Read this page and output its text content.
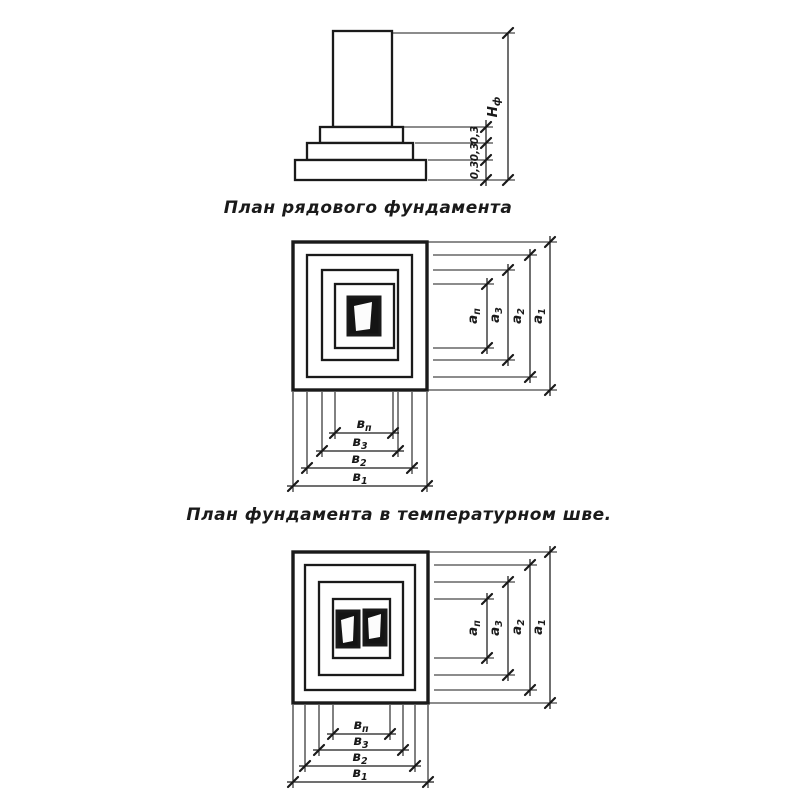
0,3
0,3
0,3
$Н_ф$
План рядового фундамента
$а_п$
$а_3$
$а_2$
$а_1$
$в_п$
$в_3$
$в_2$
$в_1$
План фундамента в температурном шве.
$а_п$
$а_3$
$а_2$
$а_1$
$в_п$
$в_3$
$в_2$
$в_1$
